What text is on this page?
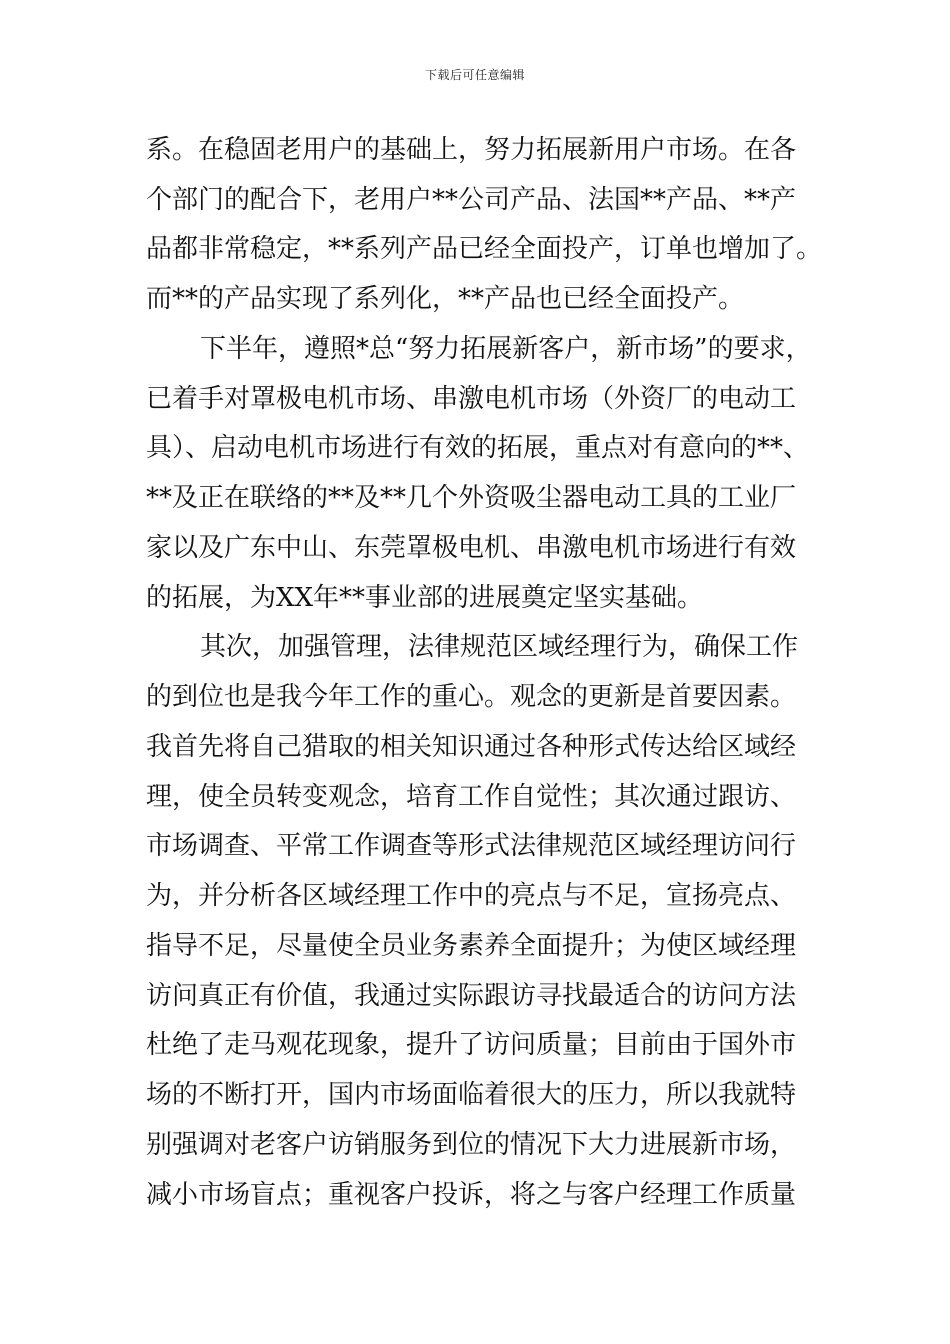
下载后可任意编辑
系。在稳固老用户的基础上，努力拓展新用户市场。在各
个部门的配合下，老用户**公司产品、法国**产品、**产
品都非常稳定，**系列产品已经全面投产，订单也增加了。
而**的产品实现了系列化，**产品也已经全面投产。
下半年，遵照*总“努力拓展新客户，新市场”的要求，
已着手对罩极电机市场、串激电机市场（外资厂的电动工
具）、启动电机市场进行有效的拓展，重点对有意向的**、
**及正在联络的**及**几个外资吸尘器电动工具的工业厂
家以及广东中山、东莞罩极电机、串激电机市场进行有效
的拓展，为XX年**事业部的进展奠定坚实基础。
其次，加强管理，法律规范区域经理行为，确保工作
的到位也是我今年工作的重心。观念的更新是首要因素。
我首先将自己猎取的相关知识通过各种形式传达给区域经
理，使全员转变观念，培育工作自觉性；其次通过跟访、
市场调查、平常工作调查等形式法律规范区域经理访问行
为，并分析各区域经理工作中的亮点与不足，宣扬亮点、
指导不足，尽量使全员业务素养全面提升；为使区域经理
访问真正有价值，我通过实际跟访寻找最适合的访问方法
杜绝了走马观花现象，提升了访问质量；目前由于国外市
场的不断打开，国内市场面临着很大的压力，所以我就特
别强调对老客户访销服务到位的情况下大力进展新市场，
减小市场盲点；重视客户投诉，将之与客户经理工作质量
